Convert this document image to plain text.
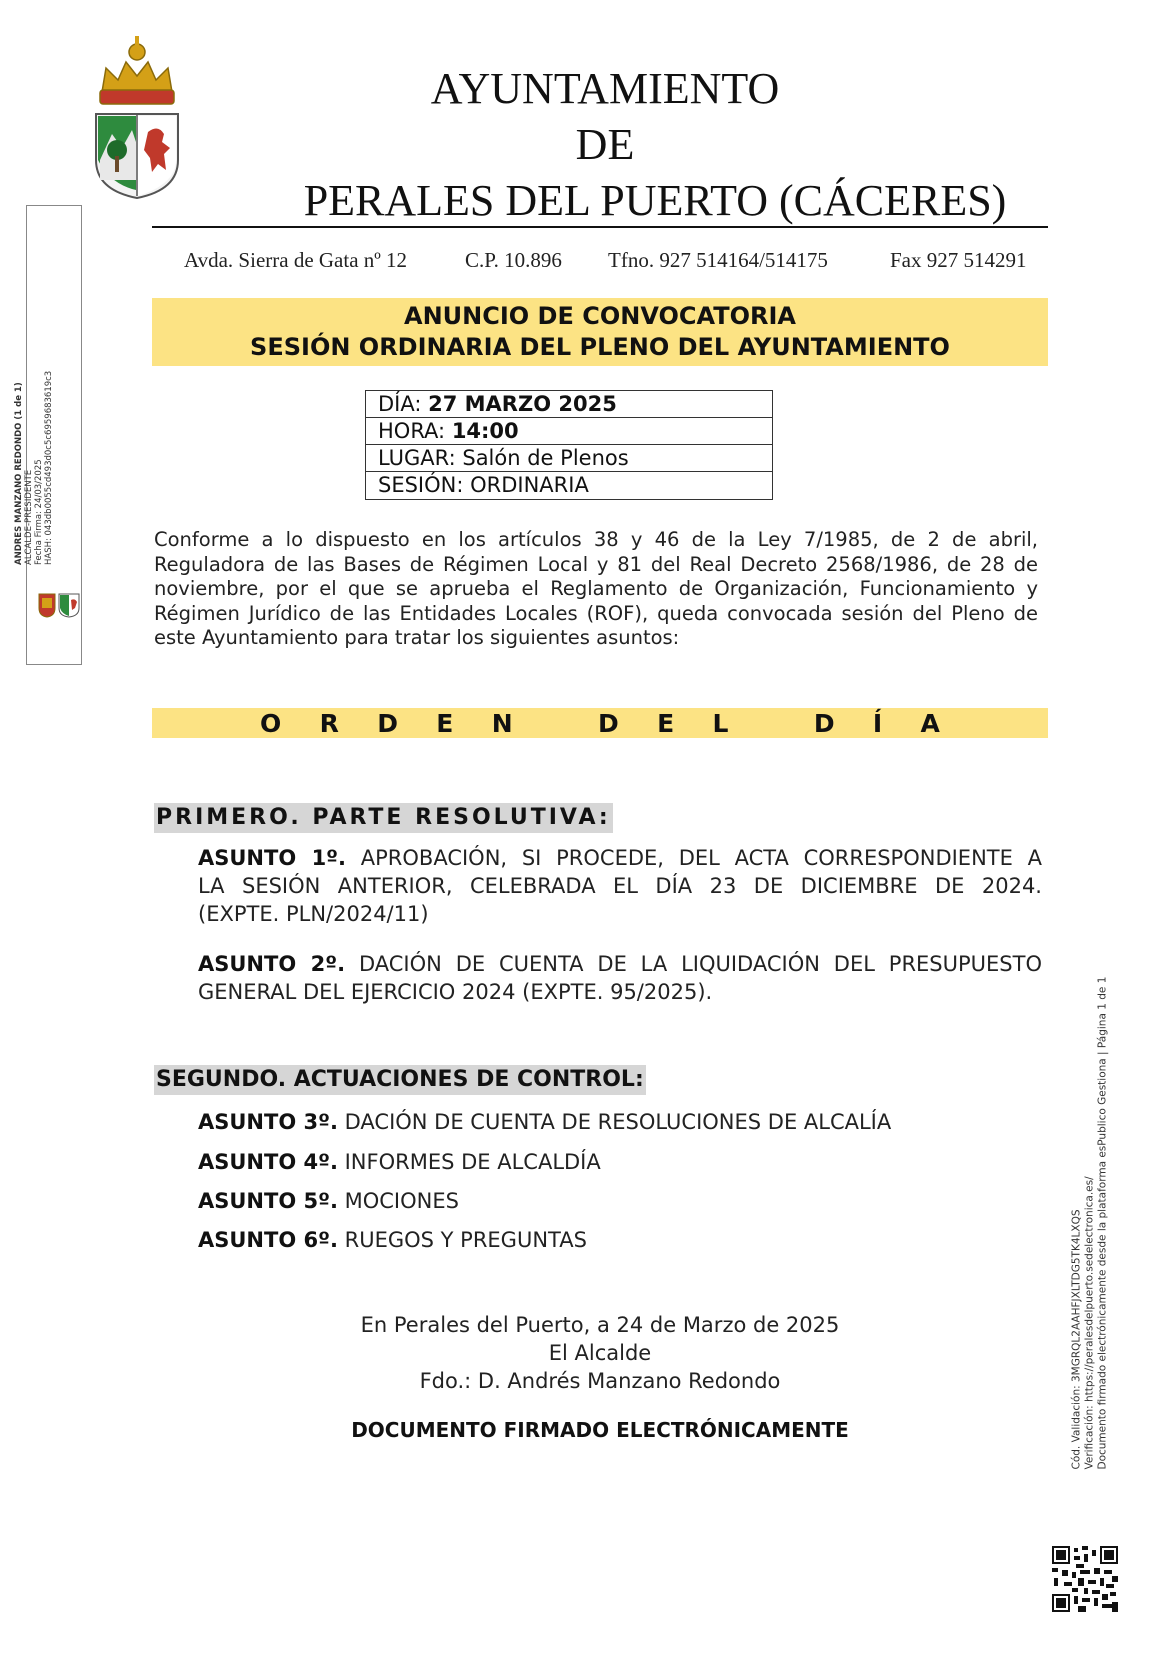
AYUNTAMIENTO
DE
PERALES DEL PUERTO (CÁCERES)
Avda. Sierra de Gata nº 12	C.P. 10.896 Tfno. 927 514164/514175	Fax 927 514291
ANUNCIO DE CONVOCATORIA
SESIÓN ORDINARIA DEL PLENO DEL AYUNTAMIENTO
DÍA: 27 MARZO 2025
HORA: 14:00
LUGAR: Salón de Plenos
SESIÓN: ORDINARIA
Conforme a lo dispuesto en los artículos 38 y 46 de la Ley 7/1985, de 2 de abril,
Reguladora de las Bases de Régimen Local y 81 del Real Decreto 2568/1986, de 28 de
noviembre, por el que se aprueba el Reglamento de Organización, Funcionamiento y
Régimen Jurídico de las Entidades Locales (ROF), queda convocada sesión del Pleno de
este Ayuntamiento para tratar los siguientes asuntos:
O R D E N
	D E L
	D Í A
PRIMERO. PARTE RESOLUTIVA:
ASUNTO 1º. APROBACIÓN, SI PROCEDE, DEL ACTA CORRESPONDIENTE A
LA SESIÓN ANTERIOR, CELEBRADA EL DÍA 23 DE DICIEMBRE DE 2024.
(EXPTE. PLN/2024/11)
ASUNTO 2º. DACIÓN DE CUENTA DE LA LIQUIDACIÓN DEL PRESUPUESTO
GENERAL DEL EJERCICIO 2024 (EXPTE. 95/2025).
SEGUNDO. ACTUACIONES DE CONTROL:
ASUNTO 3º. DACIÓN DE CUENTA DE RESOLUCIONES DE ALCALÍA
ASUNTO 4º. INFORMES DE ALCALDÍA
ASUNTO 5º. MOCIONES
ASUNTO 6º. RUEGOS Y PREGUNTAS
En Perales del Puerto, a 24 de Marzo de 2025
El Alcalde
Fdo.: D. Andrés Manzano Redondo
DOCUMENTO FIRMADO ELECTRÓNICAMENTE
ANDRES MANZANO REDONDO (1 de 1) ALCALDE-PRESIDENTE Fecha Firma: 24/03/2025 HASH: 043db0055cd493d0c5c6959683619c3
Cód. Validación: 3MGRQL2AAHFJXLTDG5TK4LXQS Verificación: https://peralesdelpuerto.sedelectronica.es/ Documento firmado electrónicamente desde la plataforma esPublico Gestiona | Página 1 de 1
